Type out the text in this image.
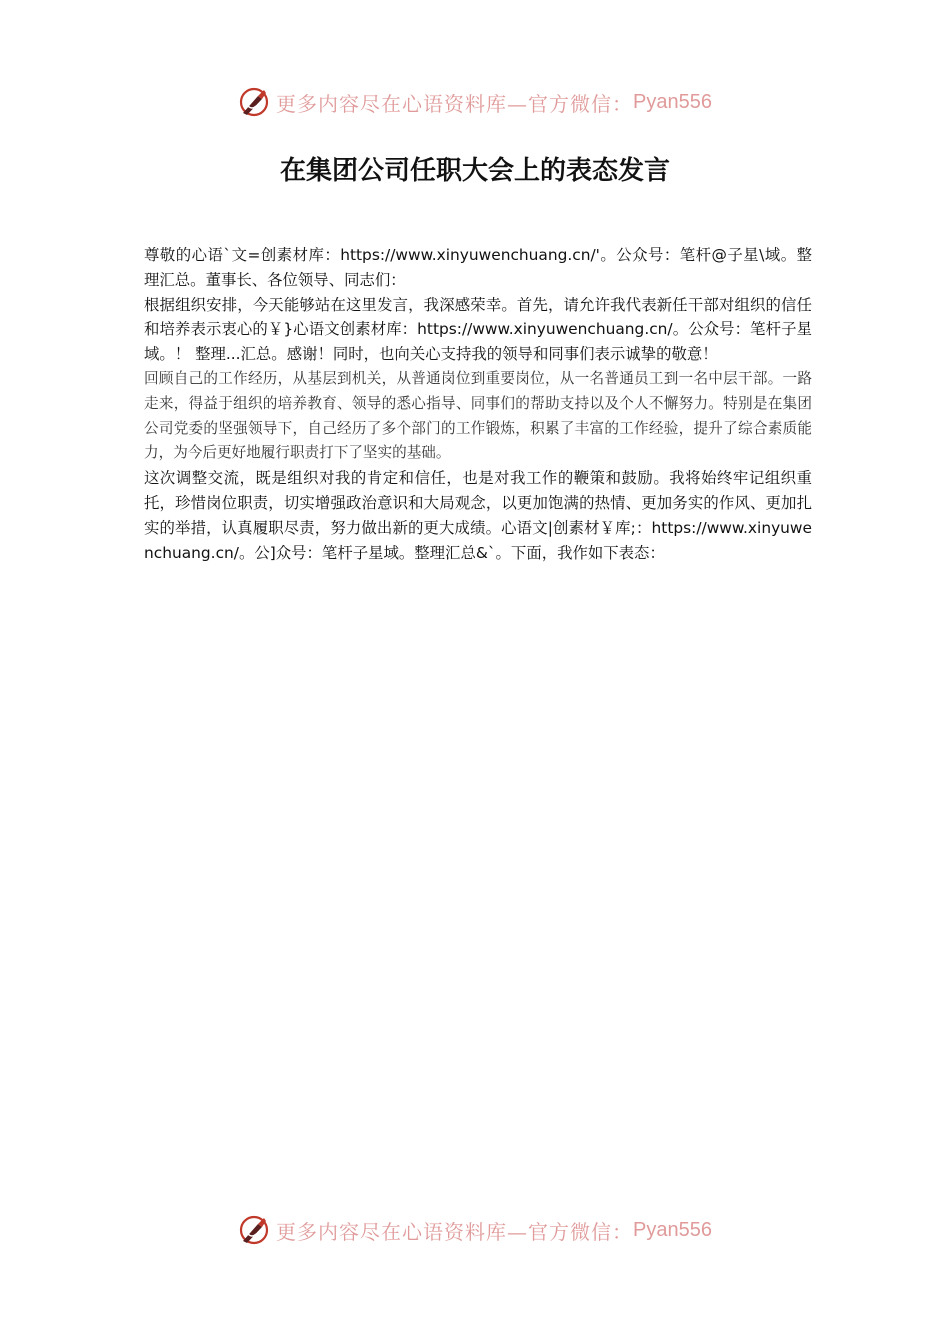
更多内容尽在心语资料库—官方微信： Pyan556
在集团公司任职大会上的表态发言

尊敬的心语`文=创素材库：https://www.xinyuwenchuang.cn/'。公众号：笔杆@子星\域。整理汇总。董事长、各位领导、同志们：

根据组织安排，今天能够站在这里发言，我深感荣幸。首先，请允许我代表新任干部对组织的信任和培养表示衷心的￥}心语文创素材库：https://www.xinyuwenchuang.cn/。公众号：笔杆子星域。！ 整理...汇总。感谢！同时，也向关心支持我的领导和同事们表示诚挚的敬意！

回顾自己的工作经历，从基层到机关，从普通岗位到重要岗位，从一名普通员工到一名中层干部。一路走来，得益于组织的培养教育、领导的悉心指导、同事们的帮助支持以及个人不懈努力。特别是在集团公司党委的坚强领导下，自己经历了多个部门的工作锻炼，积累了丰富的工作经验，提升了综合素质能力，为今后更好地履行职责打下了坚实的基础。

这次调整交流，既是组织对我的肯定和信任，也是对我工作的鞭策和鼓励。我将始终牢记组织重托，珍惜岗位职责，切实增强政治意识和大局观念，以更加饱满的热情、更加务实的作风、更加扎实的举措，认真履职尽责，努力做出新的更大成绩。心语文|创素材￥库;：https://www.xinyuwenchuang.cn/。公]众号：笔杆子星域。整理汇总&`。下面，我作如下表态：

更多内容尽在心语资料库—官方微信： Pyan556
